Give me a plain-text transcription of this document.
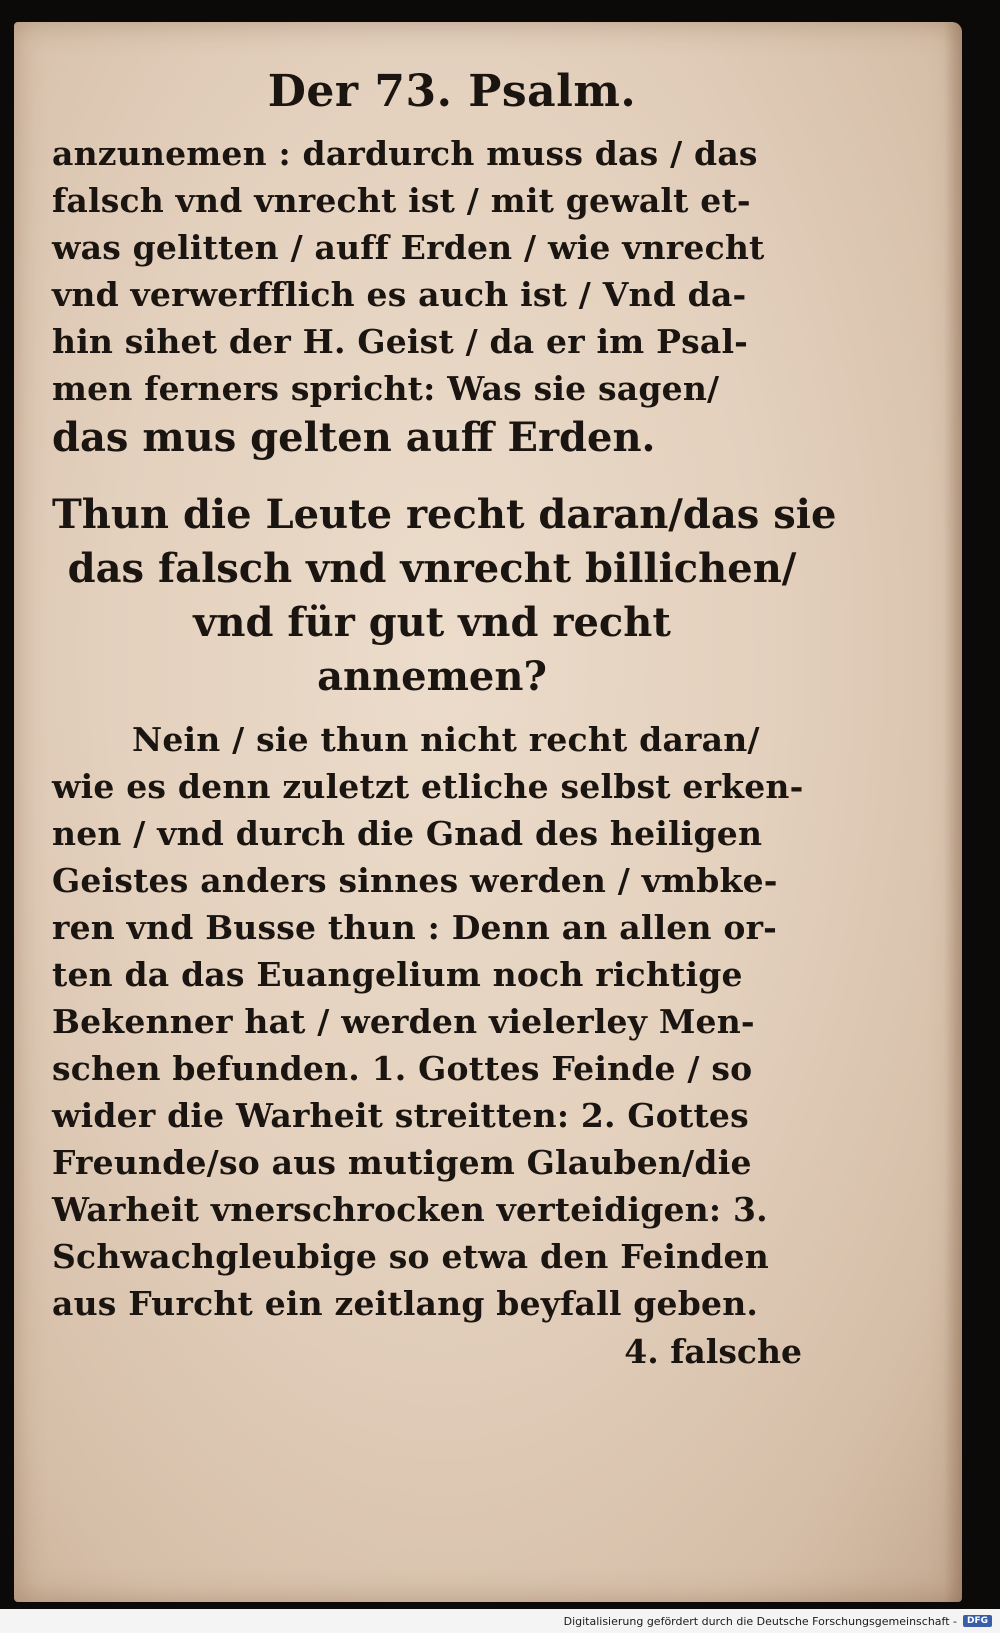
Der 73. Psalm.
anzunemen : dardurch muss das / das
falsch vnd vnrecht ist / mit gewalt et-
was gelitten / auff Erden / wie vnrecht
vnd verwerfflich es auch ist / Vnd da-
hin sihet der H. Geist / da er im Psal-
men ferners spricht: Was sie sagen/
das mus gelten auff Erden.
Thun die Leute recht daran/das sie
das falsch vnd vnrecht billichen/
vnd für gut vnd recht
annemen?
Nein / sie thun nicht recht daran/
wie es denn zuletzt etliche selbst erken-
nen / vnd durch die Gnad des heiligen
Geistes anders sinnes werden / vmbke-
ren vnd Busse thun : Denn an allen or-
ten da das Euangelium noch richtige
Bekenner hat / werden vielerley Men-
schen befunden. 1. Gottes Feinde / so
wider die Warheit streitten: 2. Gottes
Freunde/so aus mutigem Glauben/die
Warheit vnerschrocken verteidigen: 3.
Schwachgleubige so etwa den Feinden
aus Furcht ein zeitlang beyfall geben.
4. falsche
Digitalisierung gefördert durch die Deutsche Forschungsgemeinschaft -	DFG
